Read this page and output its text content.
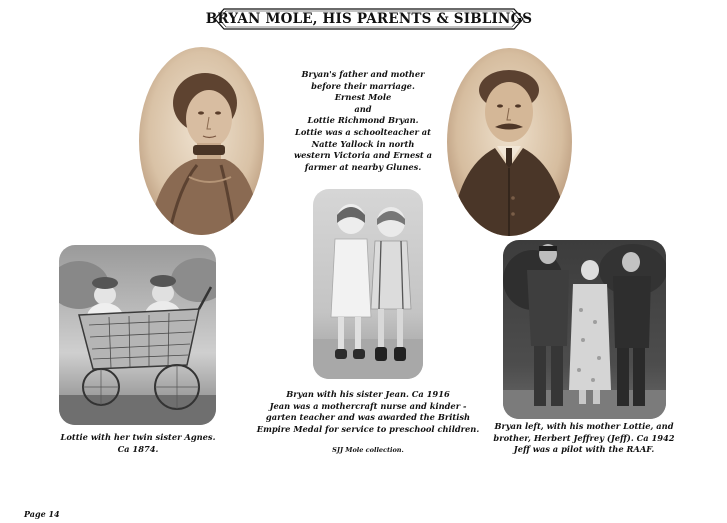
BRYAN MOLE, HIS PARENTS & SIBLINGS
Bryan's father and mother
before their marriage.
Ernest Mole
and
Lottie Richmond Bryan.
Lottie was a schoolteacher at
Natte Yallock in north
western Victoria and Ernest a
farmer at nearby Glunes.
Lottie with her twin sister Agnes.
Ca 1874.
Bryan with his sister Jean. Ca 1916
Jean was a mothercraft nurse and kinder -
garten teacher and was awarded the British
Empire Medal for service to preschool children.
SJJ Mole collection.
Bryan left, with his mother Lottie, and
brother, Herbert Jeffrey (Jeff). Ca 1942
Jeff was a pilot with the RAAF.
Page 14
